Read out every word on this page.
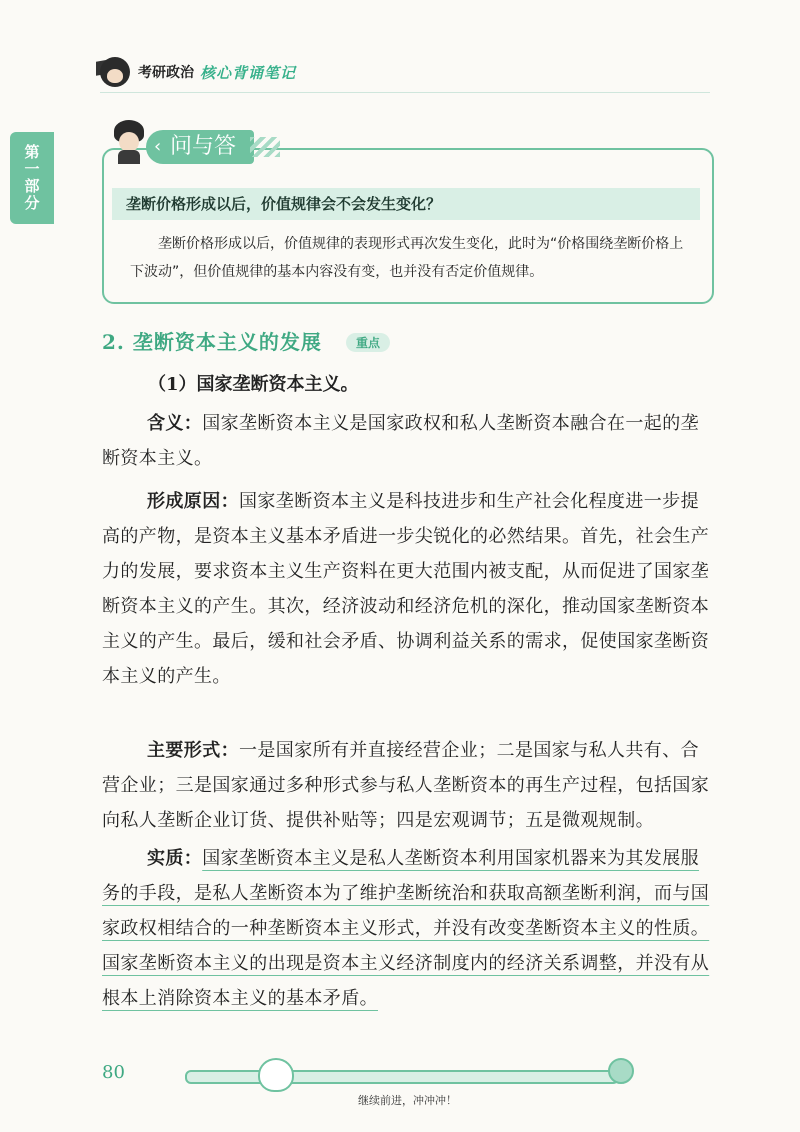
考研政治 核心背诵笔记
第一部分	‹ 问与答
垄断价格形成以后，价值规律会不会发生变化？

垄断价格形成以后，价值规律的表现形式再次发生变化，此时为“价格围绕垄断价格上下波动”，但价值规律的基本内容没有变，也并没有否定价值规律。

2. 垄断资本主义的发展	重点
（1）国家垄断资本主义。

含义：国家垄断资本主义是国家政权和私人垄断资本融合在一起的垄断资本主义。

形成原因：国家垄断资本主义是科技进步和生产社会化程度进一步提高的产物，是资本主义基本矛盾进一步尖锐化的必然结果。首先，社会生产力的发展，要求资本主义生产资料在更大范围内被支配，从而促进了国家垄断资本主义的产生。其次，经济波动和经济危机的深化，推动国家垄断资本主义的产生。最后，缓和社会矛盾、协调利益关系的需求，促使国家垄断资本主义的产生。

主要形式：一是国家所有并直接经营企业；二是国家与私人共有、合营企业；三是国家通过多种形式参与私人垄断资本的再生产过程，包括国家向私人垄断企业订货、提供补贴等；四是宏观调节；五是微观规制。

实质：国家垄断资本主义是私人垄断资本利用国家机器来为其发展服务的手段，是私人垄断资本为了维护垄断统治和获取高额垄断利润，而与国家政权相结合的一种垄断资本主义形式，并没有改变垄断资本主义的性质。国家垄断资本主义的出现是资本主义经济制度内的经济关系调整，并没有从根本上消除资本主义的基本矛盾。

80
继续前进，冲冲冲！
